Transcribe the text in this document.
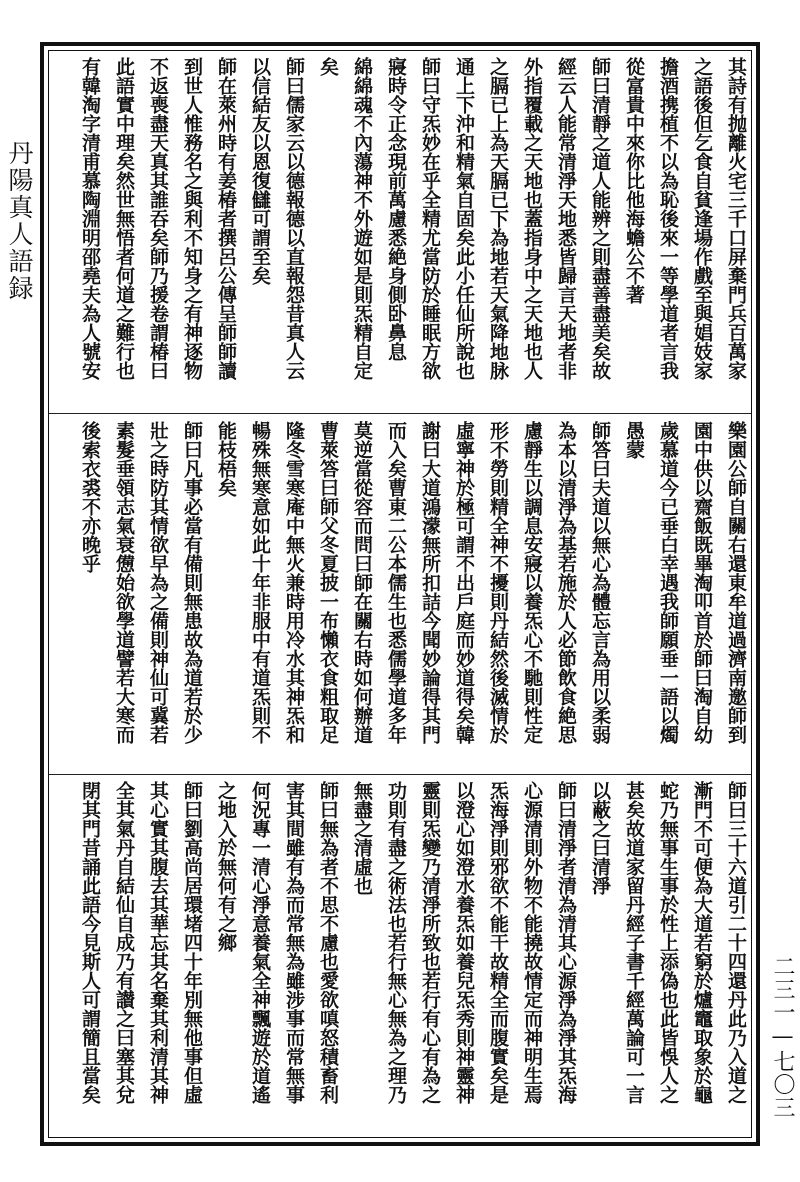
丹陽真人語録
二三一—七〇三
其詩有抛離火宅三千口屏棄門兵百萬家
之語後但乞食自貧逢場作戲至與娼妓家
擔酒携植不以為恥後來一等學道者言我
從富貴中來你比他海蟾公不著
師曰清靜之道人能辨之則盡善盡美矣故
經云人能常清淨天地悉皆歸言天地者非
外指覆載之天地也蓋指身中之天地也人
之膈已上為天膈已下為地若天氣降地脉
通上下沖和精氣自固矣此小任仙所說也
師曰守炁妙在乎全精尤當防於睡眠方欲
寢時令正念現前萬慮悉絶身側卧鼻息
綿綿魂不內蕩神不外遊如是則炁精自定
矣
師曰儒家云以德報德以直報怨昔真人云
以信結友以恩復讎可謂至矣
師在萊州時有姜椿者撰呂公傳呈師師讀
到世人惟務名之與利不知身之有神逐物
不返喪盡天真其誰吞矣師乃援卷謂椿曰
此語實中理矣然世無悟者何道之難行也
有韓淘字清甫慕陶淵明邵堯夫為人號安
樂園公師自關右還東牟道過濟南邀師到
園中供以齋飯既畢淘叩首於師曰淘自幼
歲慕道今已垂白幸遇我師願垂一語以燭
愚蒙
師答曰夫道以無心為體忘言為用以柔弱
為本以清淨為基若施於人必節飲食絶思
慮靜生以調息安寢以養炁心不馳則性定
形不勞則精全神不擾則丹結然後滅情於
虛寧神於極可謂不出戶庭而妙道得矣韓
謝曰大道鴻濛無所扣詰今聞妙論得其門
而入矣曹東二公本儒生也悉儒學道多年
莫逆當從容而問曰師在關右時如何辦道
曹萊答曰師父冬夏披一布懶衣食粗取足
隆冬雪寒庵中無火兼時用冷水其神炁和
暢殊無寒意如此十年非服中有道炁則不
能枝梧矣
師曰凡事必當有備則無患故為道若於少
壯之時防其情欲早為之備則神仙可冀若
素髮垂領志氣衰憊始欲學道譬若大寒而
後索衣裘不亦晚乎
師曰三十六道引二十四還丹此乃入道之
漸門不可便為大道若窮於爐竈取象於龜
蛇乃無事生事於性上添偽也此皆悞人之
甚矣故道家留丹經子書千經萬論可一言
以蔽之曰清淨
師曰清淨者清為清其心源淨為淨其炁海
心源清則外物不能撓故情定而神明生焉
炁海淨則邪欲不能干故精全而腹實矣是
以澄心如澄水養炁如養兒炁秀則神靈神
靈則炁變乃清淨所致也若行有心有為之
功則有盡之術法也若行無心無為之理乃
無盡之清虛也
師曰無為者不思不慮也愛欲嗔怒積畜利
害其間雖有為而常無為雖涉事而常無事
何況專一清心淨意養氣全神飄遊於道遙
之地入於無何有之鄉
師曰劉高尚居環堵四十年別無他事但虛
其心實其腹去其華忘其名棄其利清其神
全其氣丹自結仙自成乃有讃之曰塞其兌
閉其門昔誦此語今見斯人可謂簡且當矣
